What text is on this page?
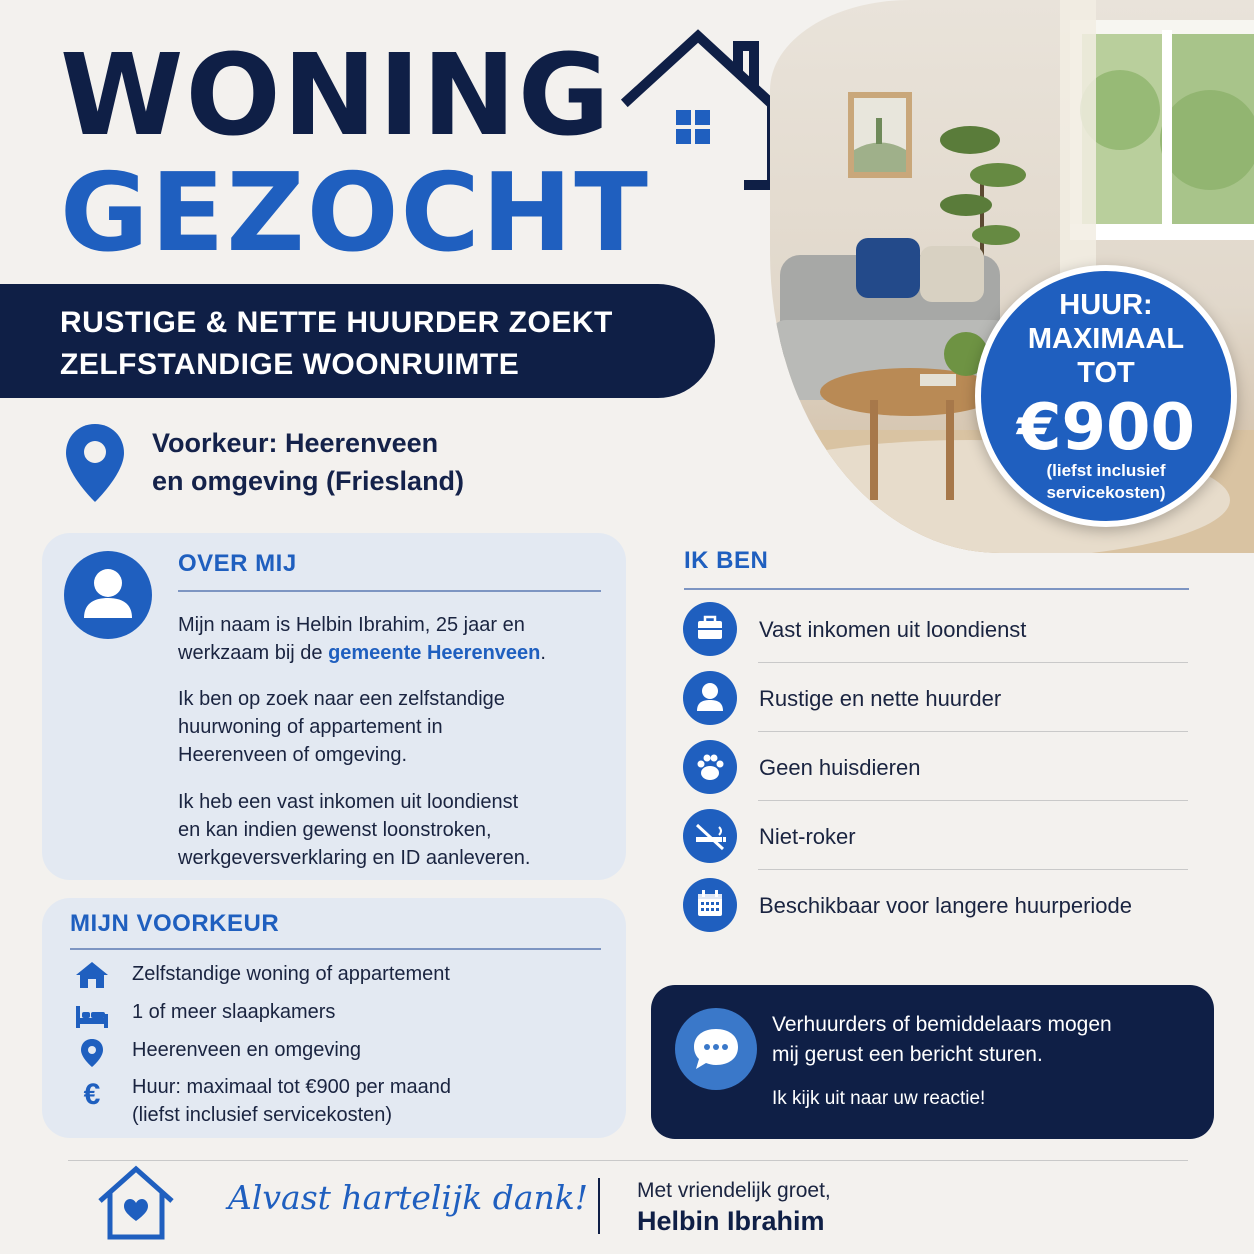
WONING
GEZOCHT
RUSTIGE & NETTE HUURDER ZOEKT
ZELFSTANDIGE WOONRUIMTE
HUUR:
MAXIMAAL
TOT
€900
(liefst inclusief
servicekosten)
Voorkeur: Heerenveen
en omgeving (Friesland)
OVER MIJ
Mijn naam is Helbin Ibrahim, 25 jaar en
werkzaam bij de gemeente Heerenveen.
Ik ben op zoek naar een zelfstandige
huurwoning of appartement in
Heerenveen of omgeving.
Ik heb een vast inkomen uit loondienst
en kan indien gewenst loonstroken,
werkgeversverklaring en ID aanleveren.
MIJN VOORKEUR
Zelfstandige woning of appartement
1 of meer slaapkamers
Heerenveen en omgeving
€	Huur: maximaal tot €900 per maand
(liefst inclusief servicekosten)
IK BEN
Vast inkomen uit loondienst
Rustige en nette huurder
Geen huisdieren
Niet-roker
Beschikbaar voor langere huurperiode
Verhuurders of bemiddelaars mogen
mij gerust een bericht sturen.
Ik kijk uit naar uw reactie!
Alvast hartelijk dank! Met vriendelijk groet,
Helbin Ibrahim
